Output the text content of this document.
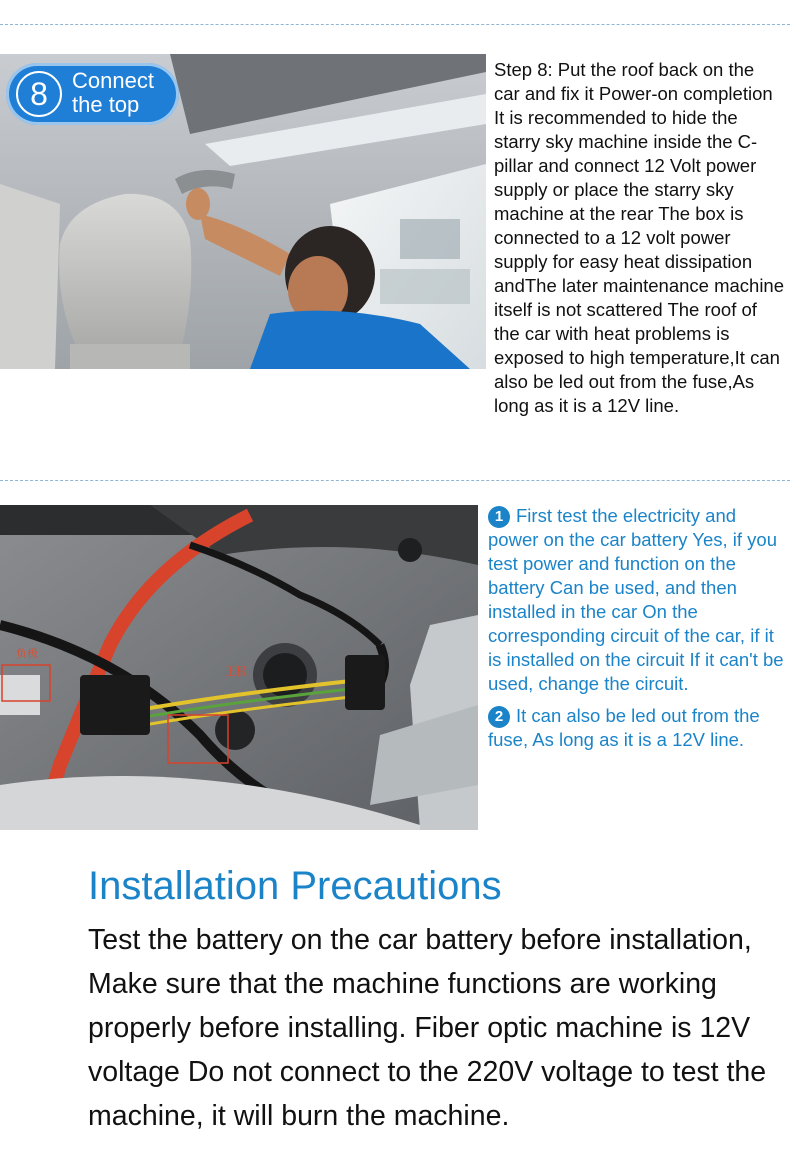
8	Connect the top

Step 8: Put the roof back on the car and fix it Power-on completion

It is recommended to hide the starry sky machine inside the C-pillar and connect 12 Volt power supply or place the starry sky machine at the rear The box is connected to a 12 volt power supply for easy heat dissipation andThe later maintenance machine itself is not scattered The roof of the car with heat problems is exposed to high temperature,It can also be led out from the fuse,As long as it is a 12V line.

负极
正极

1 First test the electricity and power on the car battery Yes, if you test power and function on the battery Can be used, and then installed in the car On the corresponding circuit of the car, if it is installed on the circuit If it can't be used, change the circuit.

2 It can also be led out from the fuse, As long as it is a 12V line.

Installation Precautions
Test the battery on the car battery before installation, Make sure that the machine functions are working properly before installing. Fiber optic machine is 12V voltage Do not connect to the 220V voltage to test the machine, it will burn the machine.
